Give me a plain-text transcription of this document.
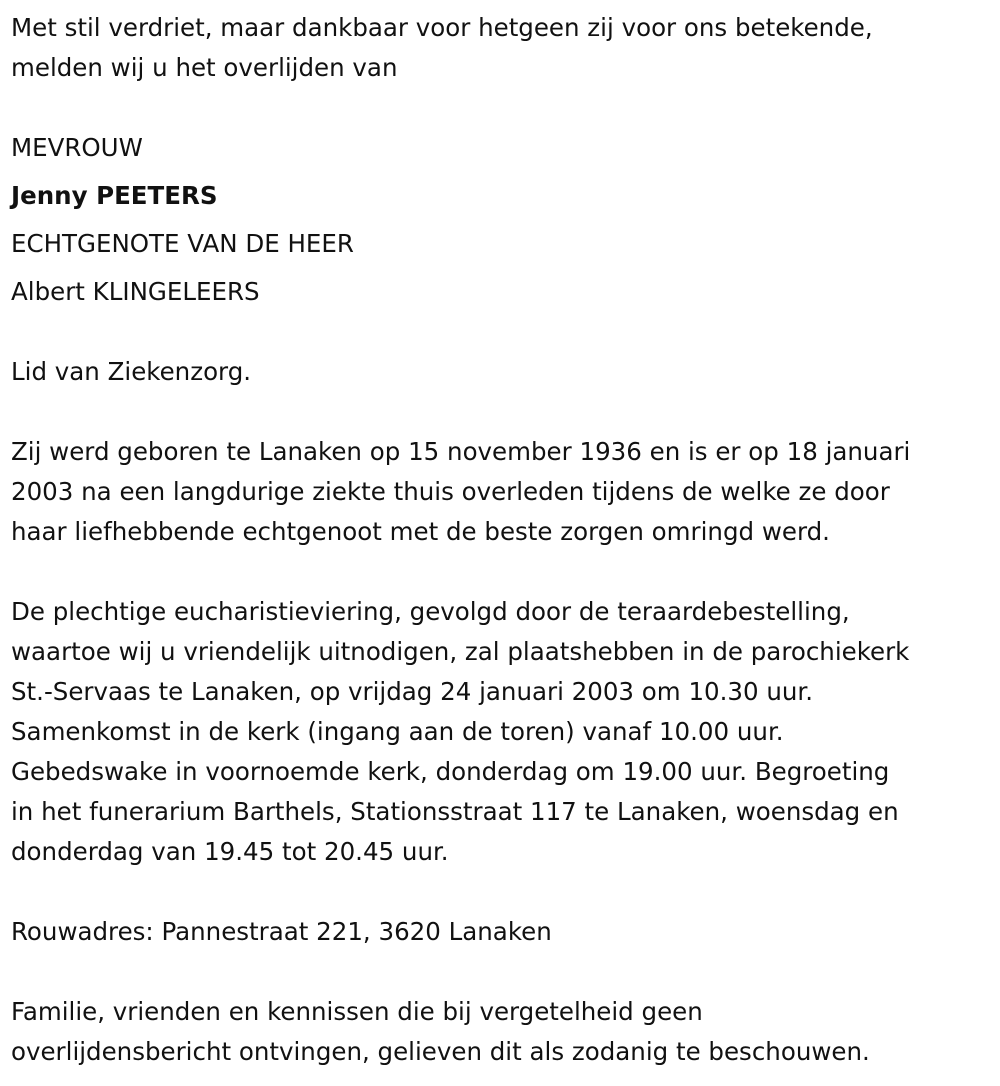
Met stil verdriet, maar dankbaar voor hetgeen zij voor ons betekende,
melden wij u het overlijden van
MEVROUW
Jenny PEETERS
ECHTGENOTE VAN DE HEER
Albert KLINGELEERS
Lid van Ziekenzorg.
Zij werd geboren te Lanaken op 15 november 1936 en is er op 18 januari
2003 na een langdurige ziekte thuis overleden tijdens de welke ze door
haar liefhebbende echtgenoot met de beste zorgen omringd werd.
De plechtige eucharistieviering, gevolgd door de teraardebestelling,
waartoe wij u vriendelijk uitnodigen, zal plaatshebben in de parochiekerk
St.-Servaas te Lanaken, op vrijdag 24 januari 2003 om 10.30 uur.
Samenkomst in de kerk (ingang aan de toren) vanaf 10.00 uur.
Gebedswake in voornoemde kerk, donderdag om 19.00 uur. Begroeting
in het funerarium Barthels, Stationsstraat 117 te Lanaken, woensdag en
donderdag van 19.45 tot 20.45 uur.
Rouwadres: Pannestraat 221, 3620 Lanaken
Familie, vrienden en kennissen die bij vergetelheid geen
overlijdensbericht ontvingen, gelieven dit als zodanig te beschouwen.
